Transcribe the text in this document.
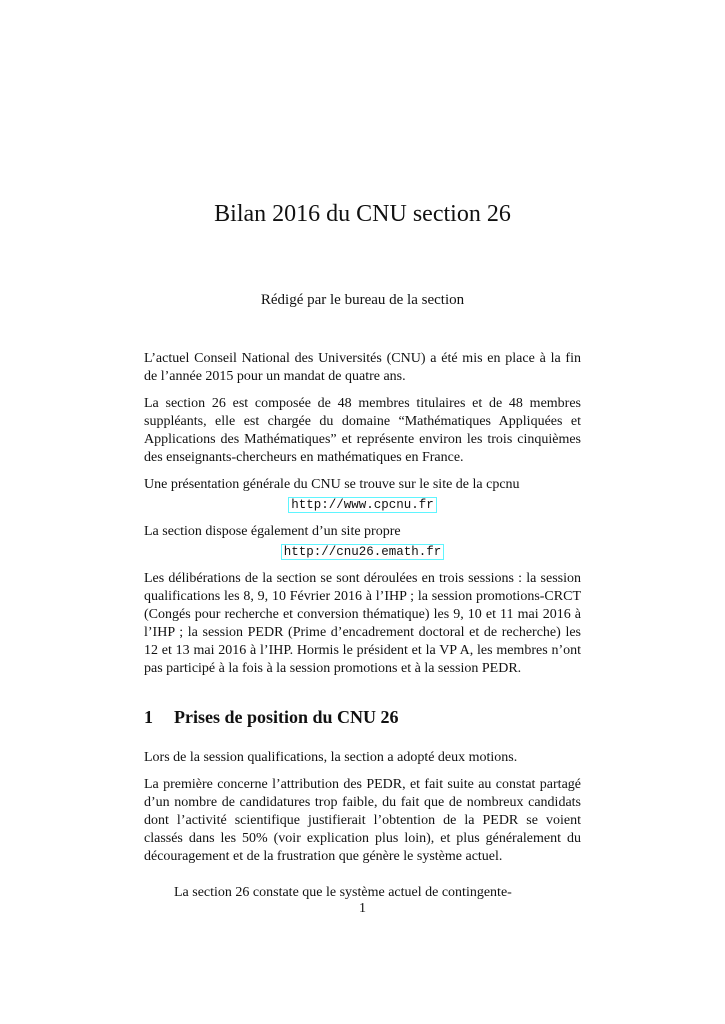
Bilan 2016 du CNU section 26

Rédigé par le bureau de la section

L’actuel Conseil National des Universités (CNU) a été mis en place à la fin de l’année 2015 pour un mandat de quatre ans.

La section 26 est composée de 48 membres titulaires et de 48 membres suppléants, elle est chargée du domaine “Mathématiques Appliquées et Applications des Mathématiques” et représente environ les trois cinquièmes des enseignants-chercheurs en mathématiques en France.

Une présentation générale du CNU se trouve sur le site de la cpcnu

http://www.cpcnu.fr

La section dispose également d’un site propre

http://cnu26.emath.fr

Les délibérations de la section se sont déroulées en trois sessions : la session qualifications les 8, 9, 10 Février 2016 à l’IHP ; la session promotions-CRCT (Congés pour recherche et conversion thématique) les 9, 10 et 11 mai 2016 à l’IHP ; la session PEDR (Prime d’encadrement doctoral et de recherche) les 12 et 13 mai 2016 à l’IHP. Hormis le président et la VP A, les membres n’ont pas participé à la fois à la session promotions et à la session PEDR.

1 Prises de position du CNU 26

Lors de la session qualifications, la section a adopté deux motions.

La première concerne l’attribution des PEDR, et fait suite au constat partagé d’un nombre de candidatures trop faible, du fait que de nombreux candidats dont l’activité scientifique justifierait l’obtention de la PEDR se voient classés dans les 50% (voir explication plus loin), et plus généralement du découragement et de la frustration que génère le système actuel.

La section 26 constate que le système actuel de contingente-

1
